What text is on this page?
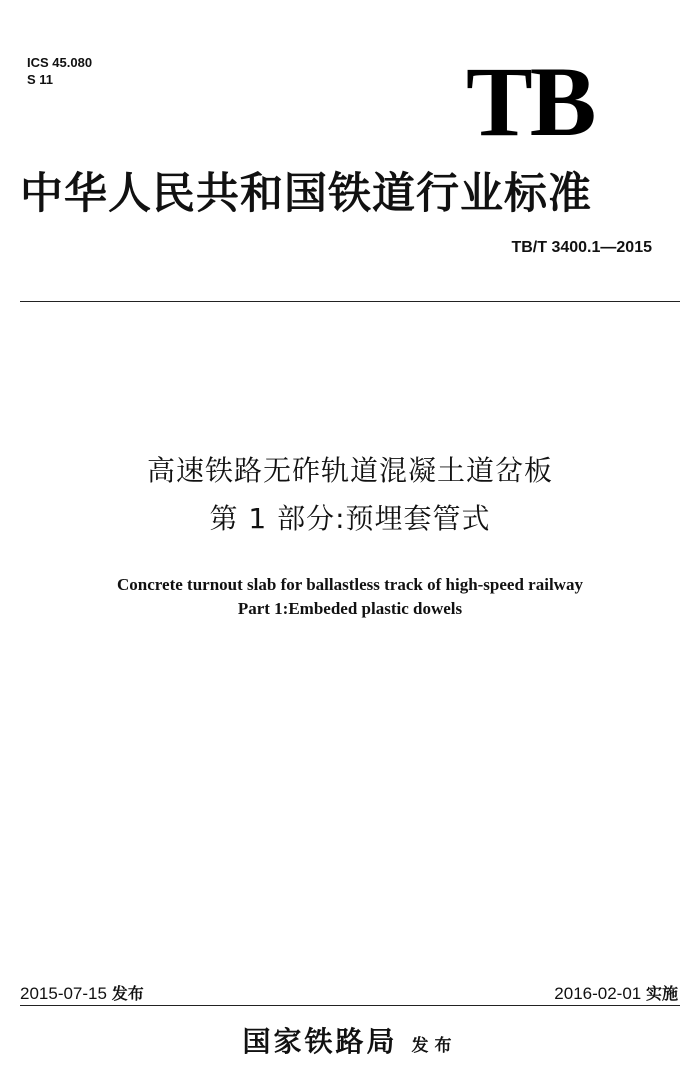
ICS 45.080
S 11	TB
中华人民共和国铁道行业标准
TB/T 3400.1—2015
高速铁路无砟轨道混凝土道岔板
第 1 部分:预埋套管式
Concrete turnout slab for ballastless track of high-speed railway
Part 1:Embeded plastic dowels
2015-07-15 发布	2016-02-01 实施
国家铁路局 发布
